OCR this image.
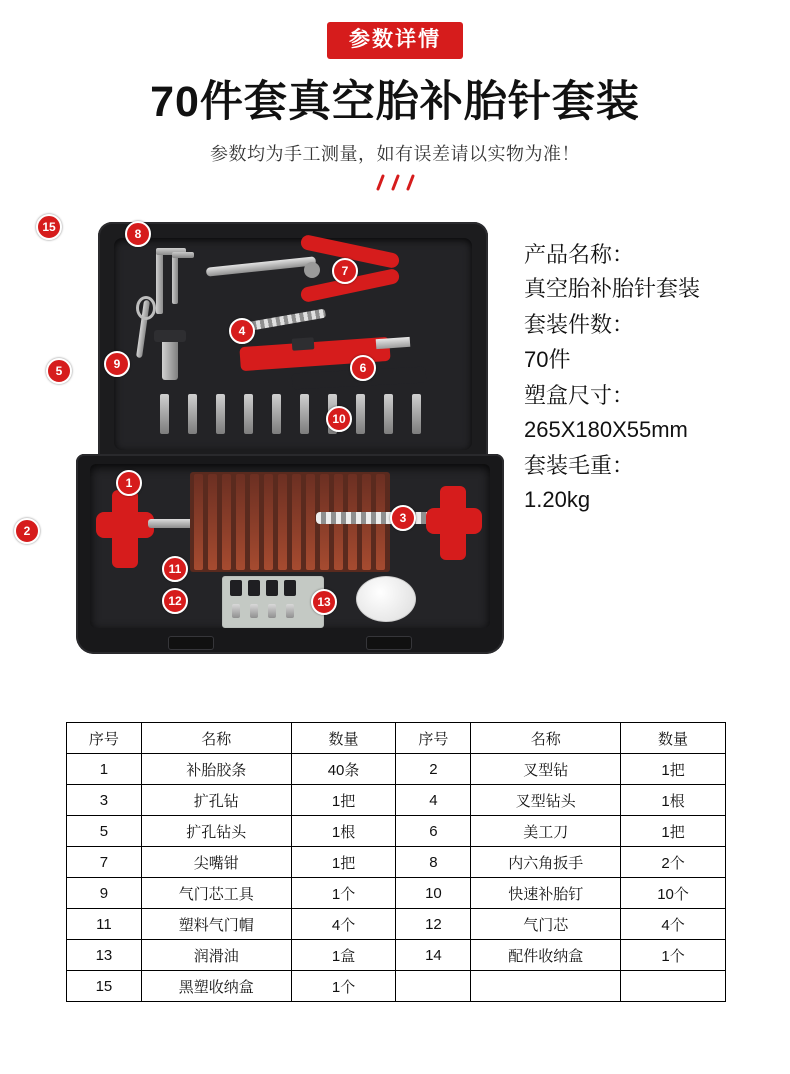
参数详情
70件套真空胎补胎针套装
参数均为手工测量，如有误差请以实物为准！
15	8
7
4
5	9	6
10
1
2
3
11
12	13
产品名称：
真空胎补胎针套装
套装件数：
70件
塑盒尺寸：
265X180X55mm
套装毛重：
1.20kg
序号	名称	数量	序号	名称	数量
1	补胎胶条	40条	2	叉型钻	1把
3	扩孔钻	1把	4	叉型钻头	1根
5	扩孔钻头	1根	6	美工刀	1把
7	尖嘴钳	1把	8	内六角扳手	2个
9	气门芯工具	1个	10	快速补胎钉	10个
11	塑料气门帽	4个	12	气门芯	4个
13	润滑油	1盒	14	配件收纳盒	1个
15	黑塑收纳盒	1个			
